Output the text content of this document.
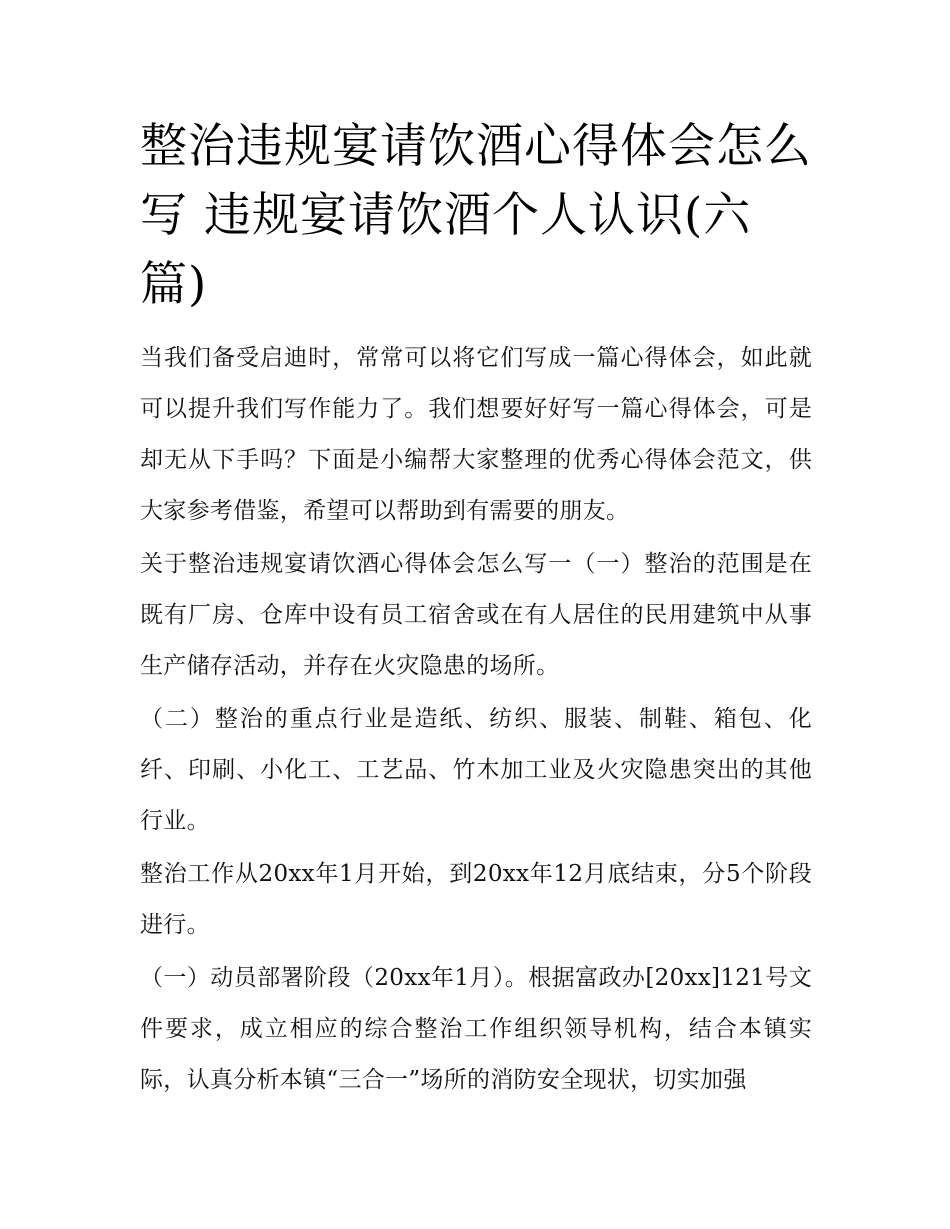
整治违规宴请饮酒心得体会怎么写 违规宴请饮酒个人认识(六篇)

当我们备受启迪时，常常可以将它们写成一篇心得体会，如此就可以提升我们写作能力了。我们想要好好写一篇心得体会，可是却无从下手吗？下面是小编帮大家整理的优秀心得体会范文，供大家参考借鉴，希望可以帮助到有需要的朋友。

关于整治违规宴请饮酒心得体会怎么写一（一）整治的范围是在既有厂房、仓库中设有员工宿舍或在有人居住的民用建筑中从事生产储存活动，并存在火灾隐患的场所。

（二）整治的重点行业是造纸、纺织、服装、制鞋、箱包、化纤、印刷、小化工、工艺品、竹木加工业及火灾隐患突出的其他行业。

整治工作从20xx年1月开始，到20xx年12月底结束，分5个阶段进行。

（一）动员部署阶段（20xx年1月）。根据富政办[20xx]121号文件要求，成立相应的综合整治工作组织领导机构，结合本镇实际，认真分析本镇“三合一”场所的消防安全现状，切实加强
